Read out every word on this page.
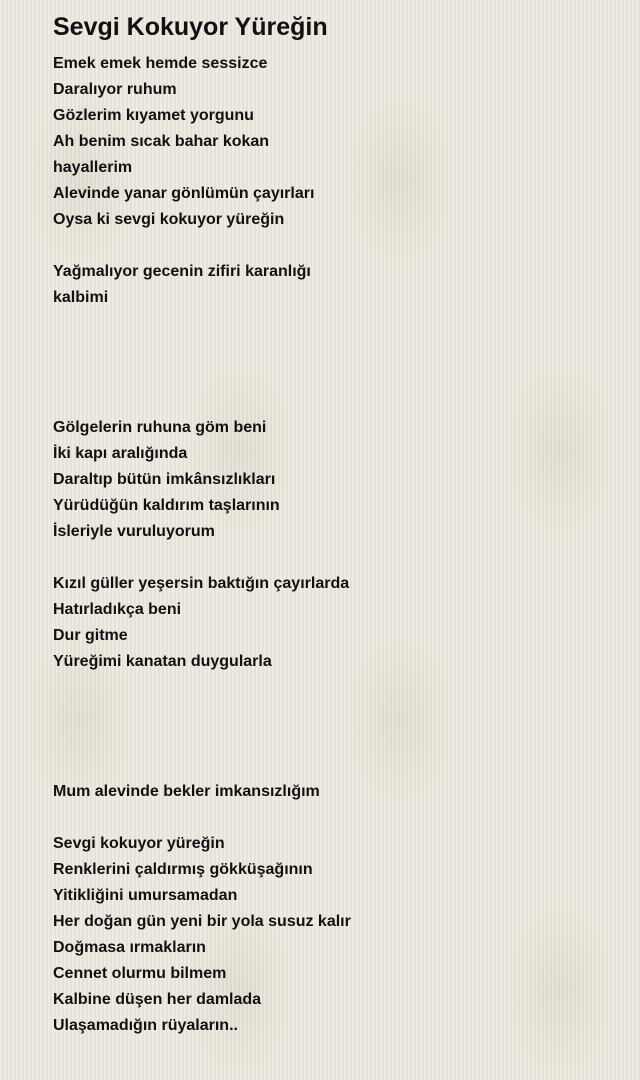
Sevgi Kokuyor Yüreğin
Emek emek hemde sessizce
Daralıyor ruhum
Gözlerim kıyamet yorgunu
Ah benim sıcak bahar kokan
hayallerim
Alevinde yanar gönlümün çayırları
Oysa ki sevgi kokuyor yüreğin
Yağmalıyor gecenin zifiri karanlığı
kalbimi
Gölgelerin ruhuna göm beni
İki kapı aralığında
Daraltıp bütün imkânsızlıkları
Yürüdüğün kaldırım taşlarının
İsleriyle vuruluyorum
Kızıl güller yeşersin baktığın çayırlarda
Hatırladıkça beni
Dur gitme
Yüreğimi kanatan duygularla
Mum alevinde bekler imkansızlığım
Sevgi kokuyor yüreğin
Renklerini çaldırmış gökküşağının
Yitikliğini umursamadan
Her doğan gün yeni bir yola susuz kalır
Doğmasa ırmakların
Cennet olurmu bilmem
Kalbine düşen her damlada
Ulaşamadığın rüyaların..
